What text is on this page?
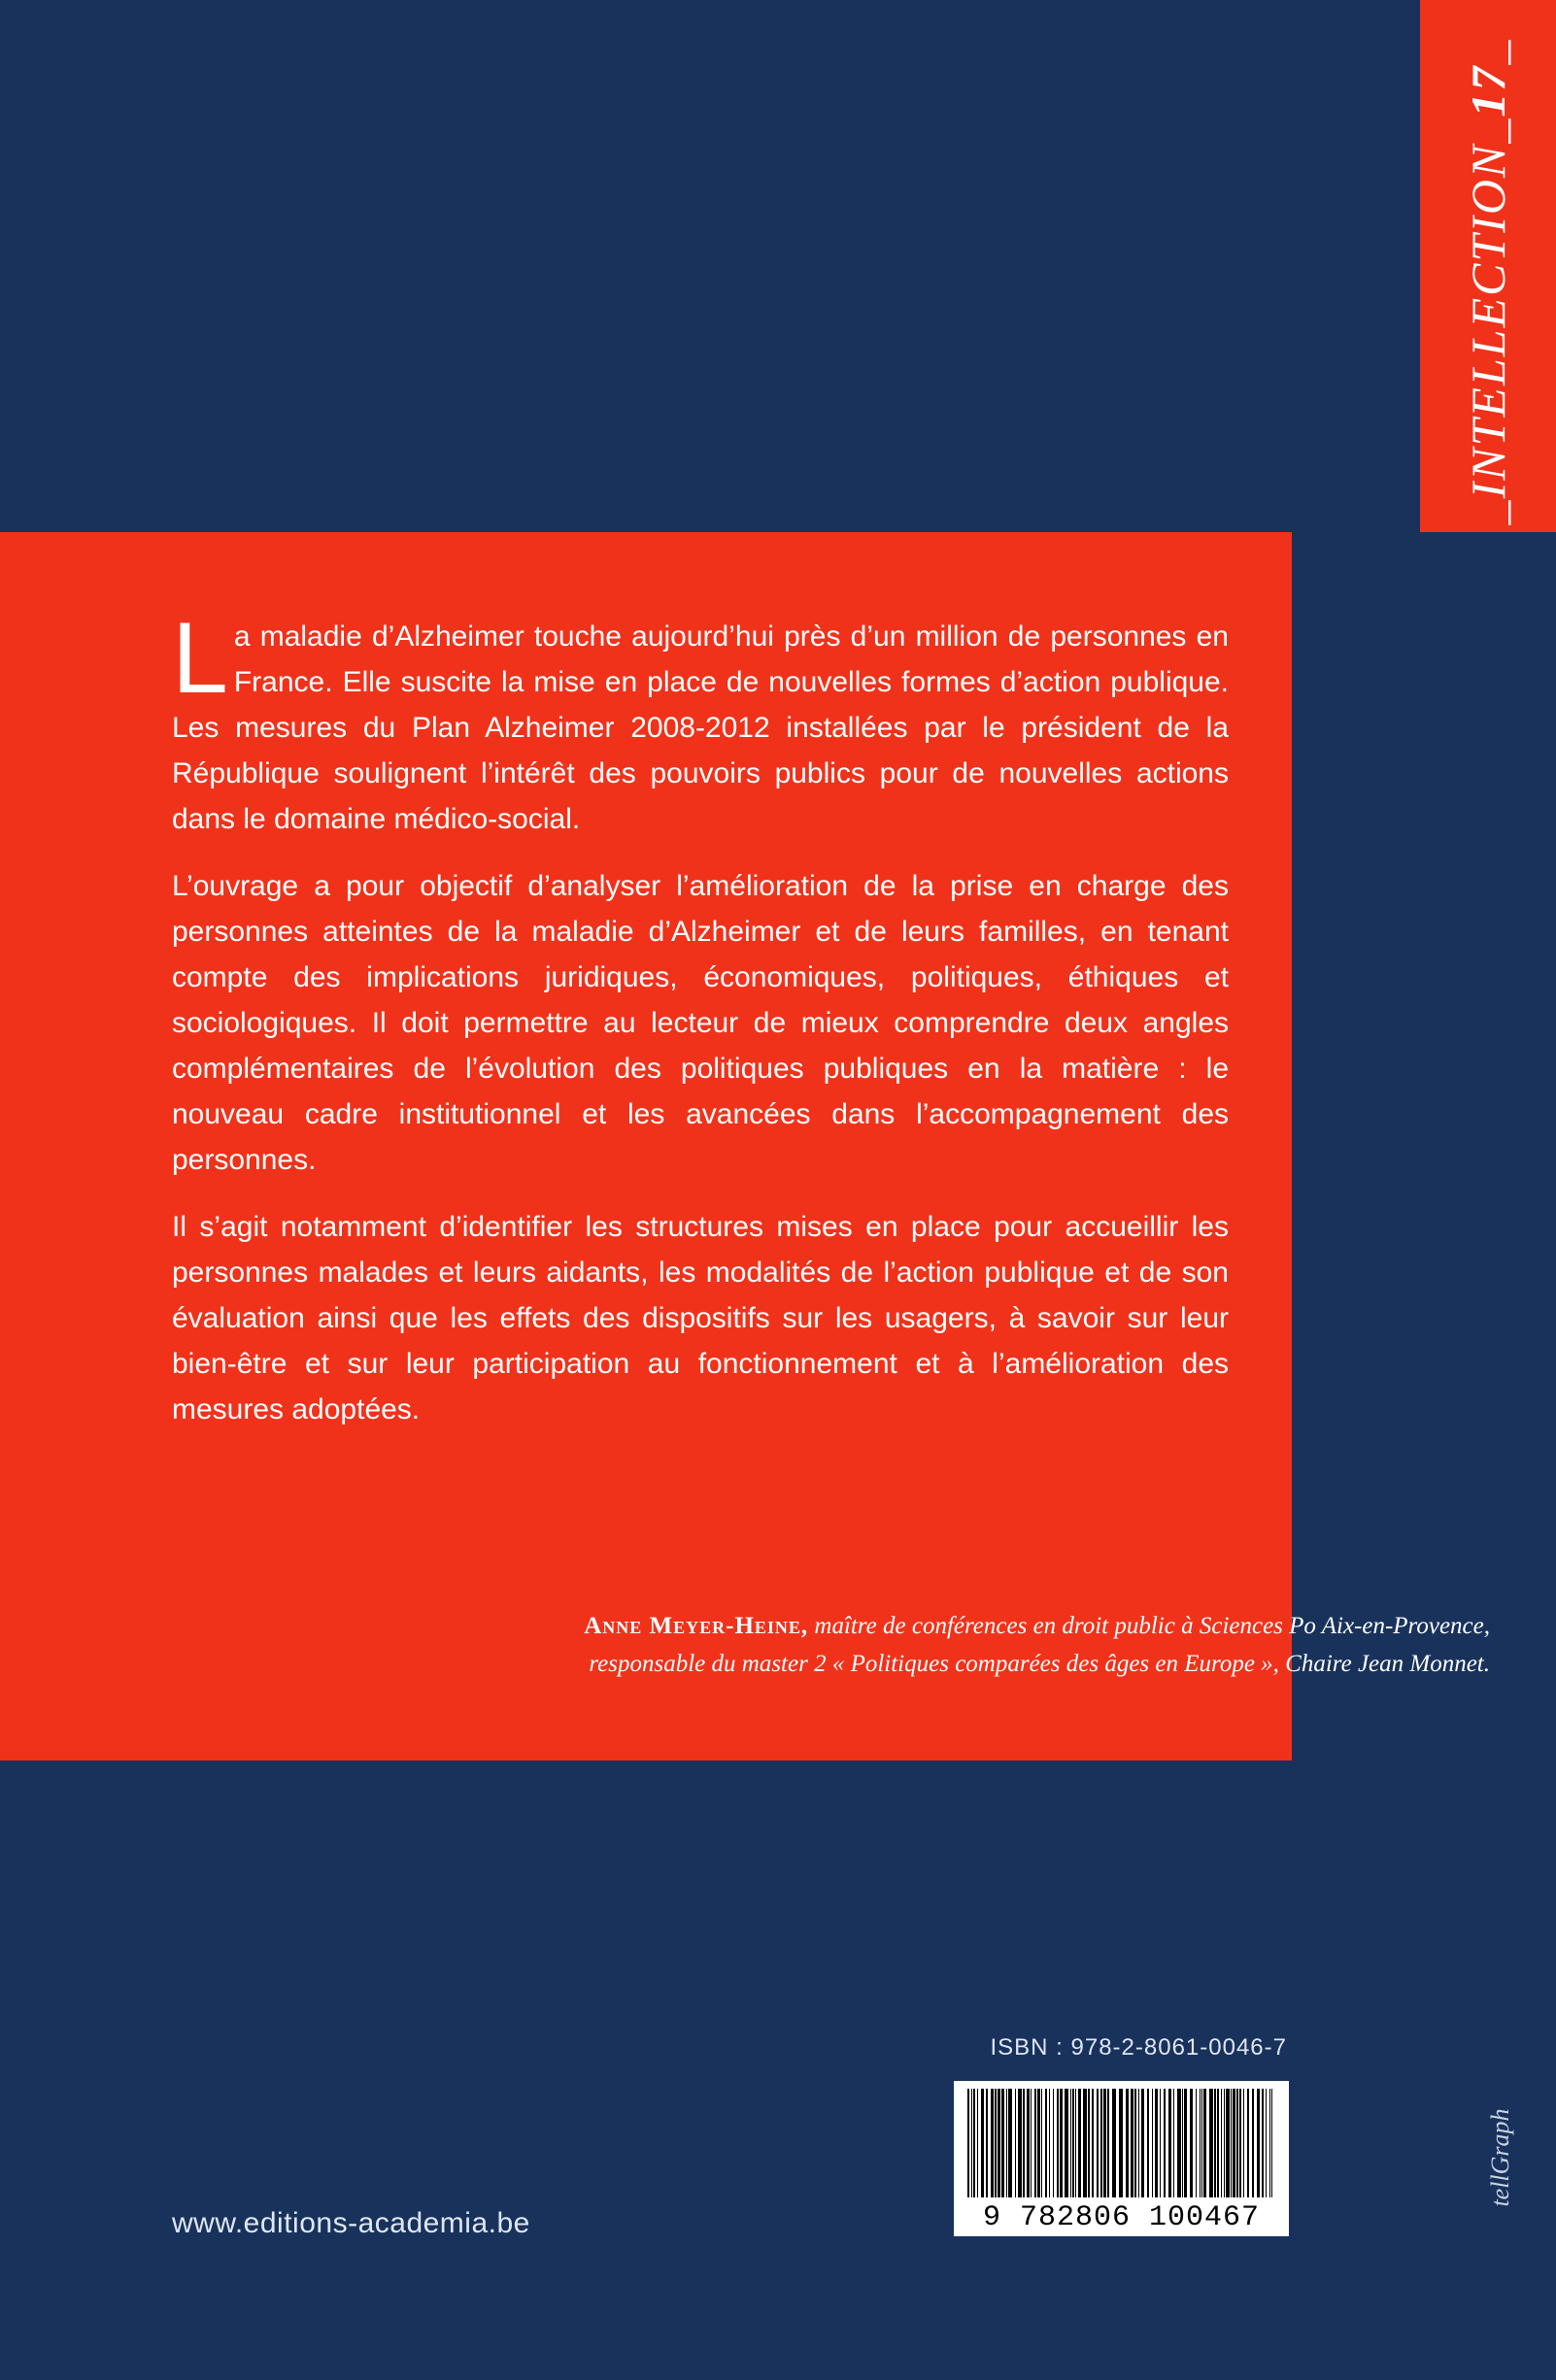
_INTELLECTION_17_

La maladie d’Alzheimer touche aujourd’hui près d’un million de personnes en France. Elle suscite la mise en place de nouvelles formes d’action publique. Les mesures du Plan Alzheimer 2008-2012 installées par le président de la République soulignent l’intérêt des pouvoirs publics pour de nouvelles actions dans le domaine médico-social.

L’ouvrage a pour objectif d’analyser l’amélioration de la prise en charge des personnes atteintes de la maladie d’Alzheimer et de leurs familles, en tenant compte des implications juridiques, économiques, politiques, éthiques et sociologiques. Il doit permettre au lecteur de mieux comprendre deux angles complémentaires de l’évolution des politiques publiques en la matière : le nouveau cadre institutionnel et les avancées dans l’accompagnement des personnes.

Il s’agit notamment d’identifier les structures mises en place pour accueillir les personnes malades et leurs aidants, les modalités de l’action publique et de son évaluation ainsi que les effets des dispositifs sur les usagers, à savoir sur leur bien-être et sur leur participation au fonctionnement et à l’amélioration des mesures adoptées.

Anne Meyer-Heine, maître de conférences en droit public à Sciences Po Aix-en-Provence, responsable du master 2 « Politiques comparées des âges en Europe », Chaire Jean Monnet.
ISBN : 978-2-8061-0046-7
9 782806 100467
www.editions-academia.be
tellGraph
